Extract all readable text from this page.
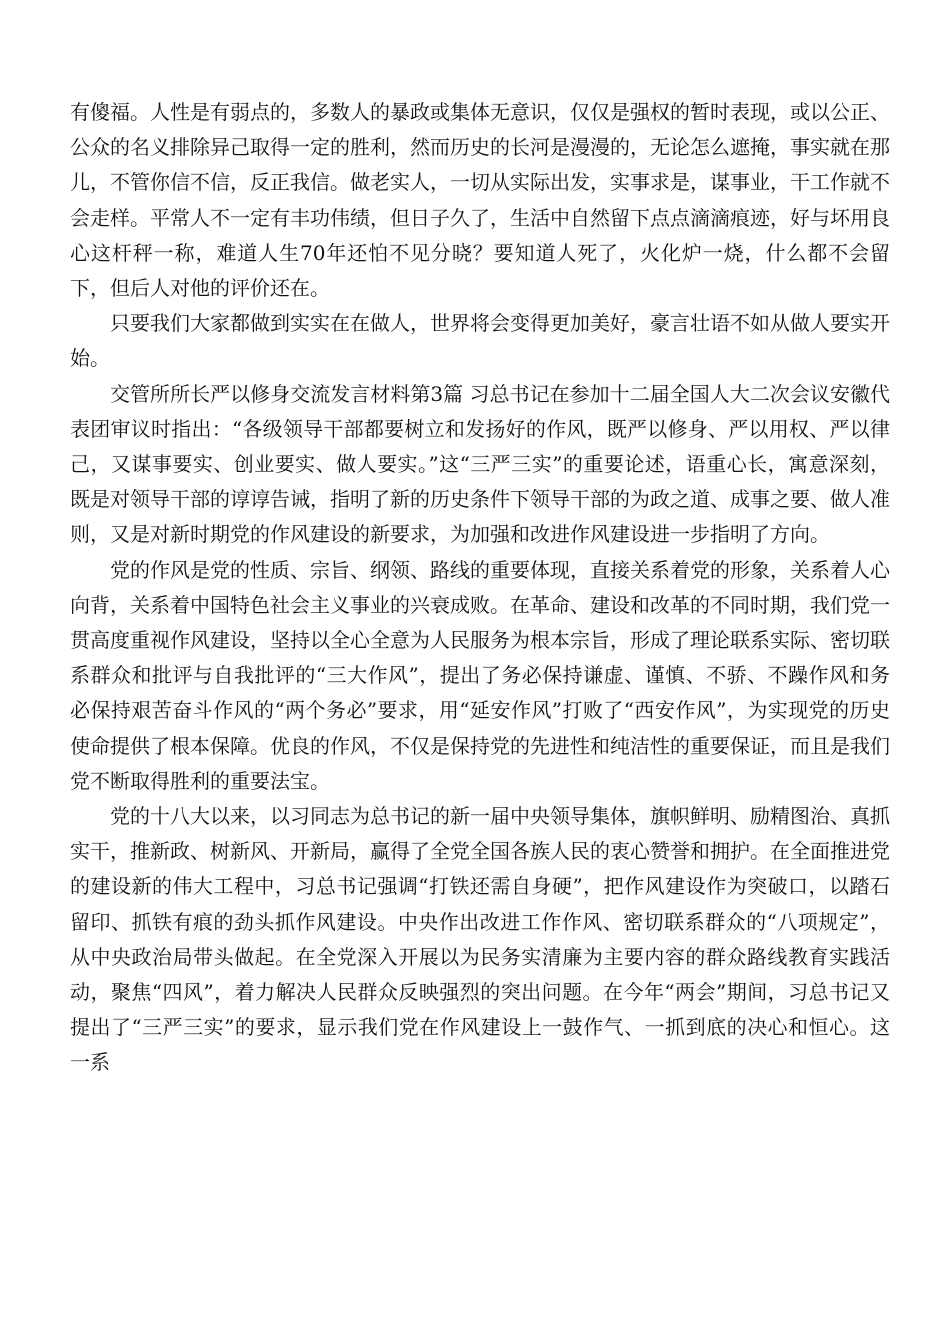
有傻福。人性是有弱点的，多数人的暴政或集体无意识，仅仅是强权的暂时表现，或以公正、公众的名义排除异己取得一定的胜利，然而历史的长河是漫漫的，无论怎么遮掩，事实就在那儿，不管你信不信，反正我信。做老实人，一切从实际出发，实事求是，谋事业，干工作就不会走样。平常人不一定有丰功伟绩，但日子久了，生活中自然留下点点滴滴痕迹，好与坏用良心这杆秤一称，难道人生70年还怕不见分晓？要知道人死了，火化炉一烧，什么都不会留下，但后人对他的评价还在。

只要我们大家都做到实实在在做人，世界将会变得更加美好，豪言壮语不如从做人要实开始。

交管所所长严以修身交流发言材料第3篇 习总书记在参加十二届全国人大二次会议安徽代表团审议时指出：“各级领导干部都要树立和发扬好的作风，既严以修身、严以用权、严以律己，又谋事要实、创业要实、做人要实。”这“三严三实”的重要论述，语重心长，寓意深刻，既是对领导干部的谆谆告诫，指明了新的历史条件下领导干部的为政之道、成事之要、做人准则，又是对新时期党的作风建设的新要求，为加强和改进作风建设进一步指明了方向。

党的作风是党的性质、宗旨、纲领、路线的重要体现，直接关系着党的形象，关系着人心向背，关系着中国特色社会主义事业的兴衰成败。在革命、建设和改革的不同时期，我们党一贯高度重视作风建设，坚持以全心全意为人民服务为根本宗旨，形成了理论联系实际、密切联系群众和批评与自我批评的“三大作风”，提出了务必保持谦虚、谨慎、不骄、不躁作风和务必保持艰苦奋斗作风的“两个务必”要求，用“延安作风”打败了“西安作风”，为实现党的历史使命提供了根本保障。优良的作风，不仅是保持党的先进性和纯洁性的重要保证，而且是我们党不断取得胜利的重要法宝。

党的十八大以来，以习同志为总书记的新一届中央领导集体，旗帜鲜明、励精图治、真抓实干，推新政、树新风、开新局，赢得了全党全国各族人民的衷心赞誉和拥护。在全面推进党的建设新的伟大工程中，习总书记强调“打铁还需自身硬”，把作风建设作为突破口，以踏石留印、抓铁有痕的劲头抓作风建设。中央作出改进工作作风、密切联系群众的“八项规定”，从中央政治局带头做起。在全党深入开展以为民务实清廉为主要内容的群众路线教育实践活动，聚焦“四风”，着力解决人民群众反映强烈的突出问题。在今年“两会”期间，习总书记又提出了“三严三实”的要求，显示我们党在作风建设上一鼓作气、一抓到底的决心和恒心。这一系
